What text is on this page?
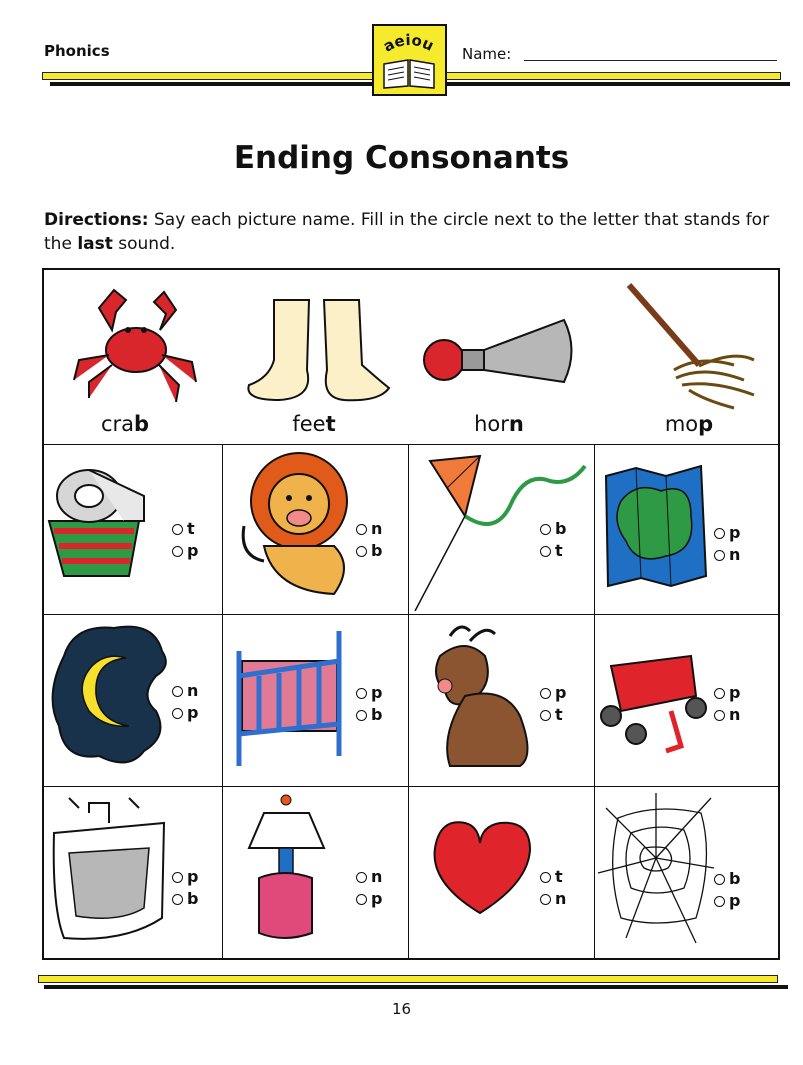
Phonics	aeiou Name:
Ending Consonants
Directions: Say each picture name. Fill in the circle next to the letter that stands for the last sound.
crab	feet	horn	mop
t
p
n
b
b
t
p
n
n
p
p
b
p
t
p
n
p
b
n
p
t
n
b
p
16
